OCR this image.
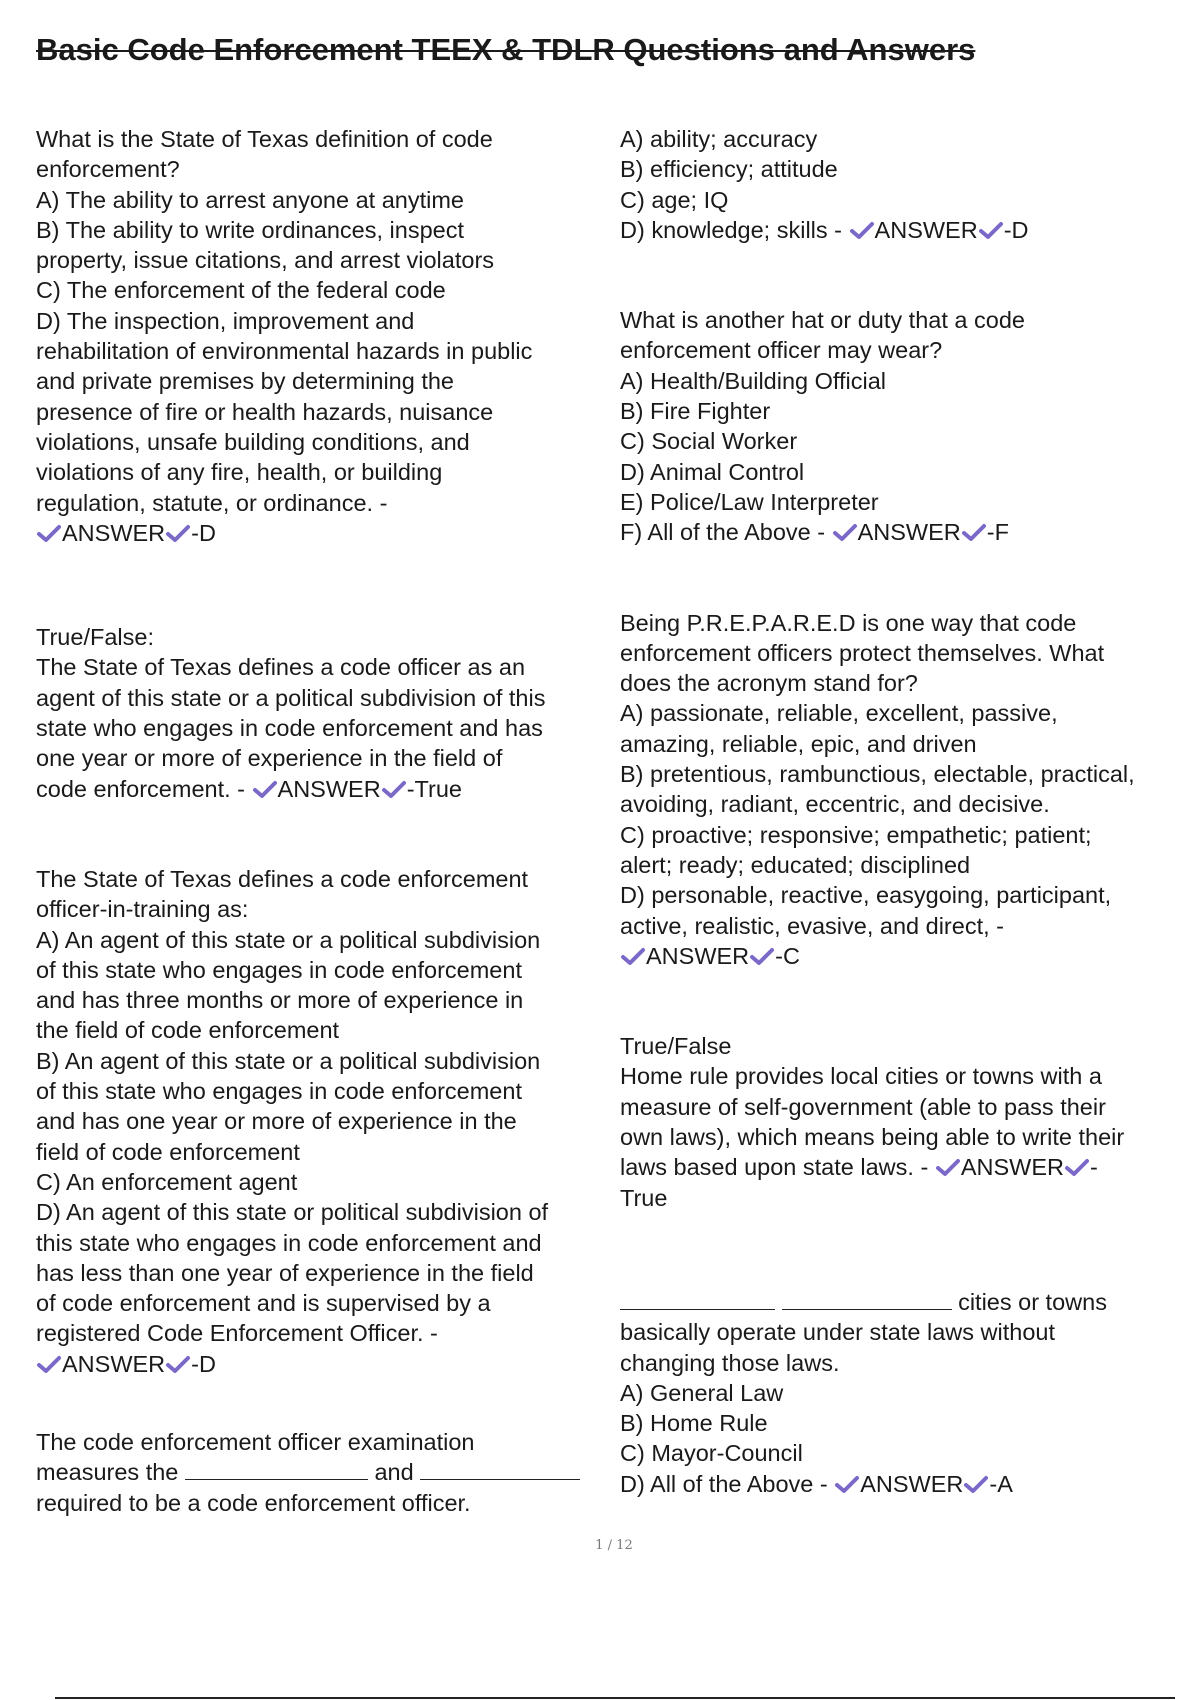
Basic Code Enforcement TEEX & TDLR Questions and Answers

What is the State of Texas definition of code

enforcement?

A) The ability to arrest anyone at anytime

B) The ability to write ordinances, inspect

property, issue citations, and arrest violators

C) The enforcement of the federal code

D) The inspection, improvement and

rehabilitation of environmental hazards in public

and private premises by determining the

presence of fire or health hazards, nuisance

violations, unsafe building conditions, and

violations of any fire, health, or building

regulation, statute, or ordinance. -

ANSWER -D

True/False:

The State of Texas defines a code officer as an

agent of this state or a political subdivision of this

state who engages in code enforcement and has

one year or more of experience in the field of

code enforcement. - ANSWER -True

The State of Texas defines a code enforcement

officer-in-training as:

A) An agent of this state or a political subdivision

of this state who engages in code enforcement

and has three months or more of experience in

the field of code enforcement

B) An agent of this state or a political subdivision

of this state who engages in code enforcement

and has one year or more of experience in the

field of code enforcement

C) An enforcement agent

D) An agent of this state or political subdivision of

this state who engages in code enforcement and

has less than one year of experience in the field

of code enforcement and is supervised by a

registered Code Enforcement Officer. -

ANSWER -D

The code enforcement officer examination

measures the	and

required to be a code enforcement officer.

A) ability; accuracy

B) efficiency; attitude

C) age; IQ

D) knowledge; skills - ANSWER -D

What is another hat or duty that a code

enforcement officer may wear?

A) Health/Building Official

B) Fire Fighter

C) Social Worker

D) Animal Control

E) Police/Law Interpreter

F) All of the Above - ANSWER -F

Being P.R.E.P.A.R.E.D is one way that code

enforcement officers protect themselves. What

does the acronym stand for?

A) passionate, reliable, excellent, passive,

amazing, reliable, epic, and driven

B) pretentious, rambunctious, electable, practical,

avoiding, radiant, eccentric, and decisive.

C) proactive; responsive; empathetic; patient;

alert; ready; educated; disciplined

D) personable, reactive, easygoing, participant,

active, realistic, evasive, and direct, -

ANSWER -C

True/False

Home rule provides local cities or towns with a

measure of self-government (able to pass their

own laws), which means being able to write their

laws based upon state laws. - ANSWER -

True

cities or towns

basically operate under state laws without

changing those laws.

A) General Law

B) Home Rule

C) Mayor-Council

D) All of the Above - ANSWER -A

1 / 12
